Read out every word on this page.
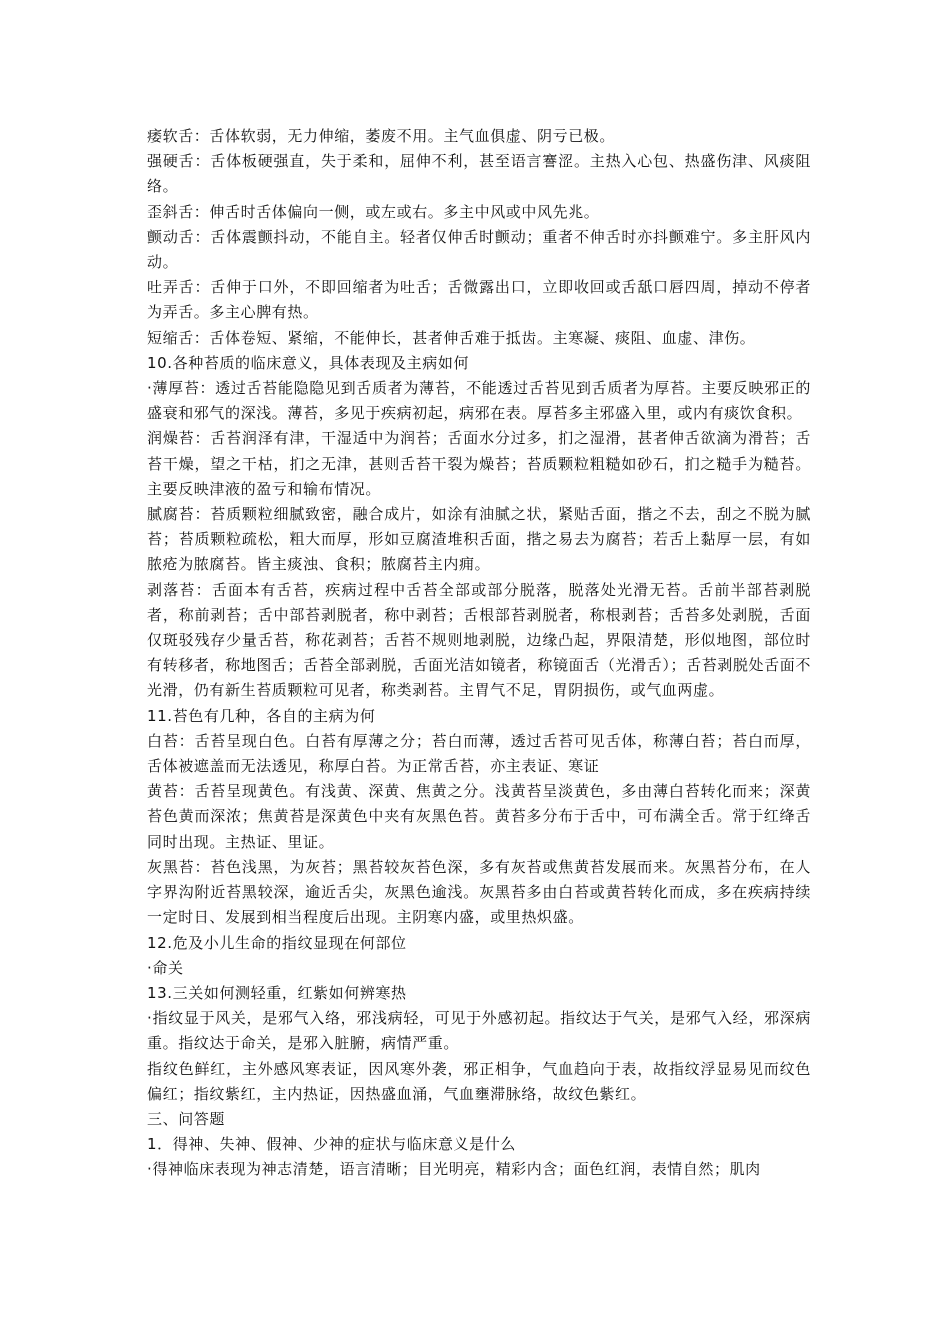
痿软舌：舌体软弱，无力伸缩，萎废不用。主气血俱虚、阴亏已极。

强硬舌：舌体板硬强直，失于柔和，屈伸不利，甚至语言謇涩。主热入心包、热盛伤津、风痰阻络。

歪斜舌：伸舌时舌体偏向一侧，或左或右。多主中风或中风先兆。

颤动舌：舌体震颤抖动，不能自主。轻者仅伸舌时颤动；重者不伸舌时亦抖颤难宁。多主肝风内动。

吐弄舌：舌伸于口外，不即回缩者为吐舌；舌微露出口，立即收回或舌舐口唇四周，掉动不停者为弄舌。多主心脾有热。

短缩舌：舌体卷短、紧缩，不能伸长，甚者伸舌难于抵齿。主寒凝、痰阻、血虚、津伤。

10.各种苔质的临床意义，具体表现及主病如何

·薄厚苔：透过舌苔能隐隐见到舌质者为薄苔，不能透过舌苔见到舌质者为厚苔。主要反映邪正的盛衰和邪气的深浅。薄苔，多见于疾病初起，病邪在表。厚苔多主邪盛入里，或内有痰饮食积。

润燥苔：舌苔润泽有津，干湿适中为润苔；舌面水分过多，扪之湿滑，甚者伸舌欲滴为滑苔；舌苔干燥，望之干枯，扪之无津，甚则舌苔干裂为燥苔；苔质颗粒粗糙如砂石，扪之糙手为糙苔。主要反映津液的盈亏和输布情况。

腻腐苔：苔质颗粒细腻致密，融合成片，如涂有油腻之状，紧贴舌面，揩之不去，刮之不脱为腻苔；苔质颗粒疏松，粗大而厚，形如豆腐渣堆积舌面，揩之易去为腐苔；若舌上黏厚一层，有如脓疮为脓腐苔。皆主痰浊、食积；脓腐苔主内痈。

剥落苔：舌面本有舌苔，疾病过程中舌苔全部或部分脱落，脱落处光滑无苔。舌前半部苔剥脱者，称前剥苔；舌中部苔剥脱者，称中剥苔；舌根部苔剥脱者，称根剥苔；舌苔多处剥脱，舌面仅斑驳残存少量舌苔，称花剥苔；舌苔不规则地剥脱，边缘凸起，界限清楚，形似地图，部位时有转移者，称地图舌；舌苔全部剥脱，舌面光洁如镜者，称镜面舌（光滑舌）；舌苔剥脱处舌面不光滑，仍有新生苔质颗粒可见者，称类剥苔。主胃气不足，胃阴损伤，或气血两虚。

11.苔色有几种，各自的主病为何

白苔：舌苔呈现白色。白苔有厚薄之分；苔白而薄，透过舌苔可见舌体，称薄白苔；苔白而厚，舌体被遮盖而无法透见，称厚白苔。为正常舌苔，亦主表证、寒证

黄苔：舌苔呈现黄色。有浅黄、深黄、焦黄之分。浅黄苔呈淡黄色，多由薄白苔转化而来；深黄苔色黄而深浓；焦黄苔是深黄色中夹有灰黑色苔。黄苔多分布于舌中，可布满全舌。常于红绛舌同时出现。主热证、里证。

灰黑苔：苔色浅黑，为灰苔；黑苔较灰苔色深，多有灰苔或焦黄苔发展而来。灰黑苔分布，在人字界沟附近苔黑较深，逾近舌尖，灰黑色逾浅。灰黑苔多由白苔或黄苔转化而成，多在疾病持续一定时日、发展到相当程度后出现。主阴寒内盛，或里热炽盛。

12.危及小儿生命的指纹显现在何部位

·命关

13.三关如何测轻重，红紫如何辨寒热

·指纹显于风关，是邪气入络，邪浅病轻，可见于外感初起。指纹达于气关，是邪气入经，邪深病重。指纹达于命关，是邪入脏腑，病情严重。

指纹色鲜红，主外感风寒表证，因风寒外袭，邪正相争，气血趋向于表，故指纹浮显易见而纹色偏红；指纹紫红，主内热证，因热盛血涌，气血壅滞脉络，故纹色紫红。

三、问答题

1．得神、失神、假神、少神的症状与临床意义是什么

·得神临床表现为神志清楚，语言清晰；目光明亮，精彩内含；面色红润，表情自然；肌肉
